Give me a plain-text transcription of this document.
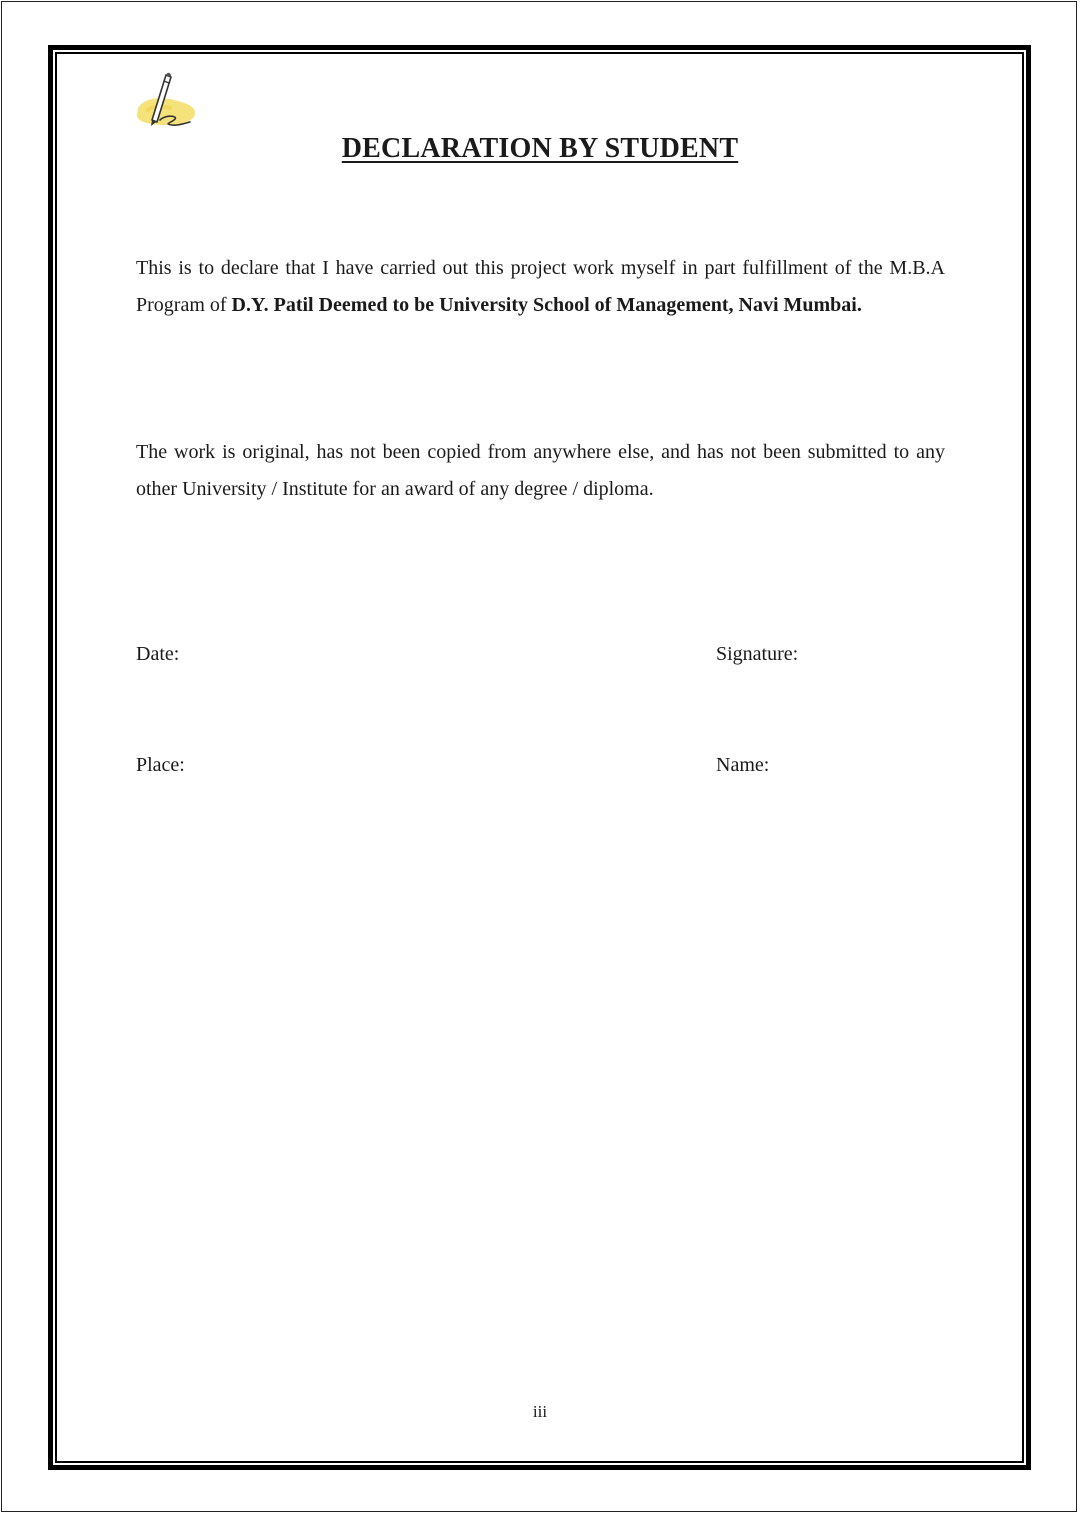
DECLARATION BY STUDENT

This is to declare that I have carried out this project work myself in part fulfillment of the M.B.A Program of D.Y. Patil Deemed to be University School of Management, Navi Mumbai.

The work is original, has not been copied from anywhere else, and has not been submitted to any other University / Institute for an award of any degree / diploma.

Date:	Signature:
Place:	Name:
iii
